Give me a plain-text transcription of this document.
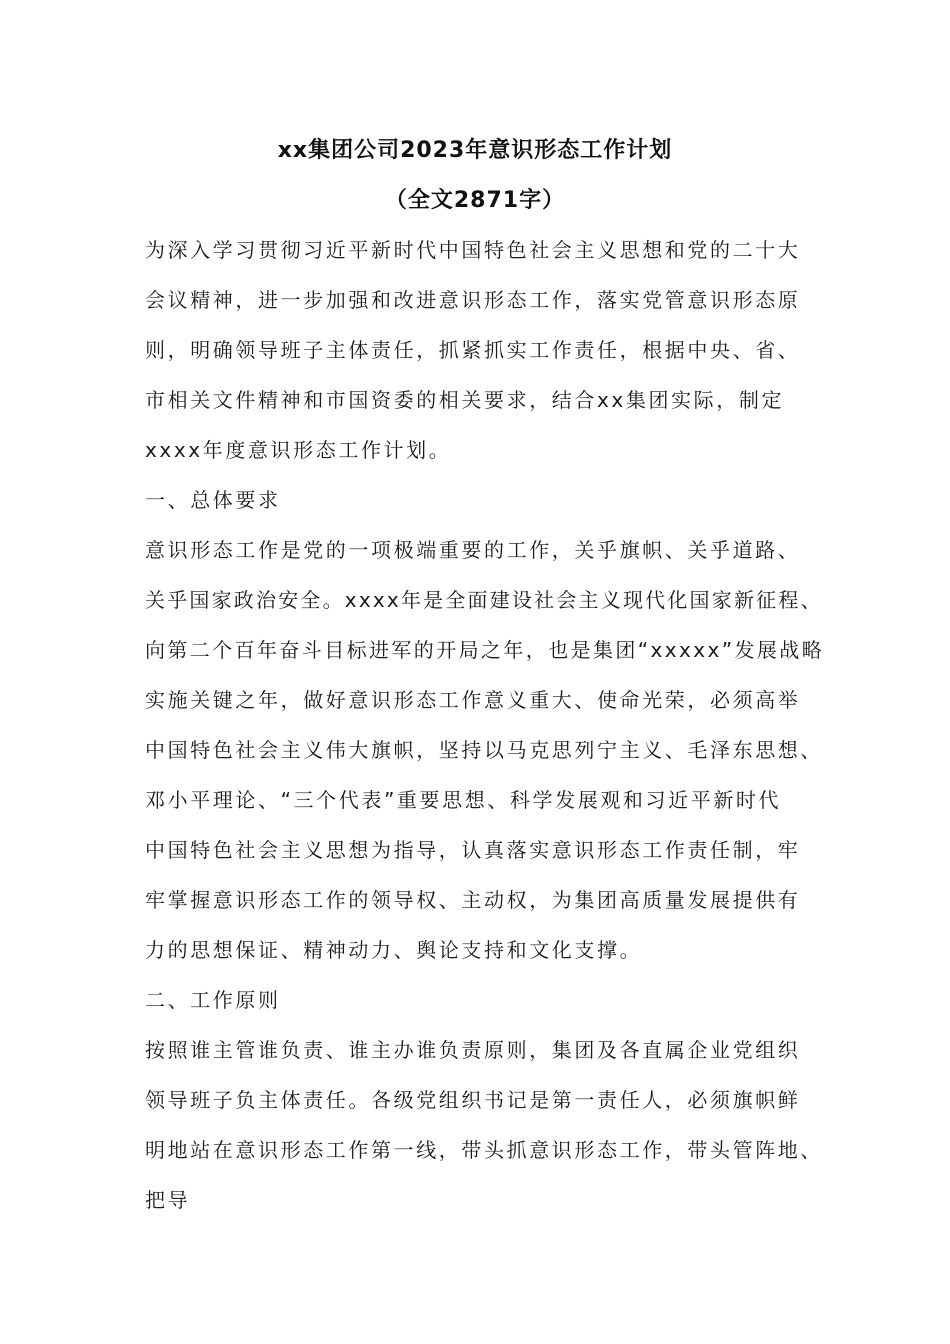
xx集团公司2023年意识形态工作计划
（全文2871字）
为深入学习贯彻习近平新时代中国特色社会主义思想和党的二十大
会议精神，进一步加强和改进意识形态工作，落实党管意识形态原
则，明确领导班子主体责任，抓紧抓实工作责任，根据中央、省、
市相关文件精神和市国资委的相关要求，结合xx集团实际，制定
xxxx年度意识形态工作计划。
一、总体要求
意识形态工作是党的一项极端重要的工作，关乎旗帜、关乎道路、
关乎国家政治安全。xxxx年是全面建设社会主义现代化国家新征程、
向第二个百年奋斗目标进军的开局之年，也是集团“xxxxx”发展战略
实施关键之年，做好意识形态工作意义重大、使命光荣，必须高举
中国特色社会主义伟大旗帜，坚持以马克思列宁主义、毛泽东思想、
邓小平理论、“三个代表”重要思想、科学发展观和习近平新时代
中国特色社会主义思想为指导，认真落实意识形态工作责任制，牢
牢掌握意识形态工作的领导权、主动权，为集团高质量发展提供有
力的思想保证、精神动力、舆论支持和文化支撑。
二、工作原则
按照谁主管谁负责、谁主办谁负责原则，集团及各直属企业党组织
领导班子负主体责任。各级党组织书记是第一责任人，必须旗帜鲜
明地站在意识形态工作第一线，带头抓意识形态工作，带头管阵地、
把导
